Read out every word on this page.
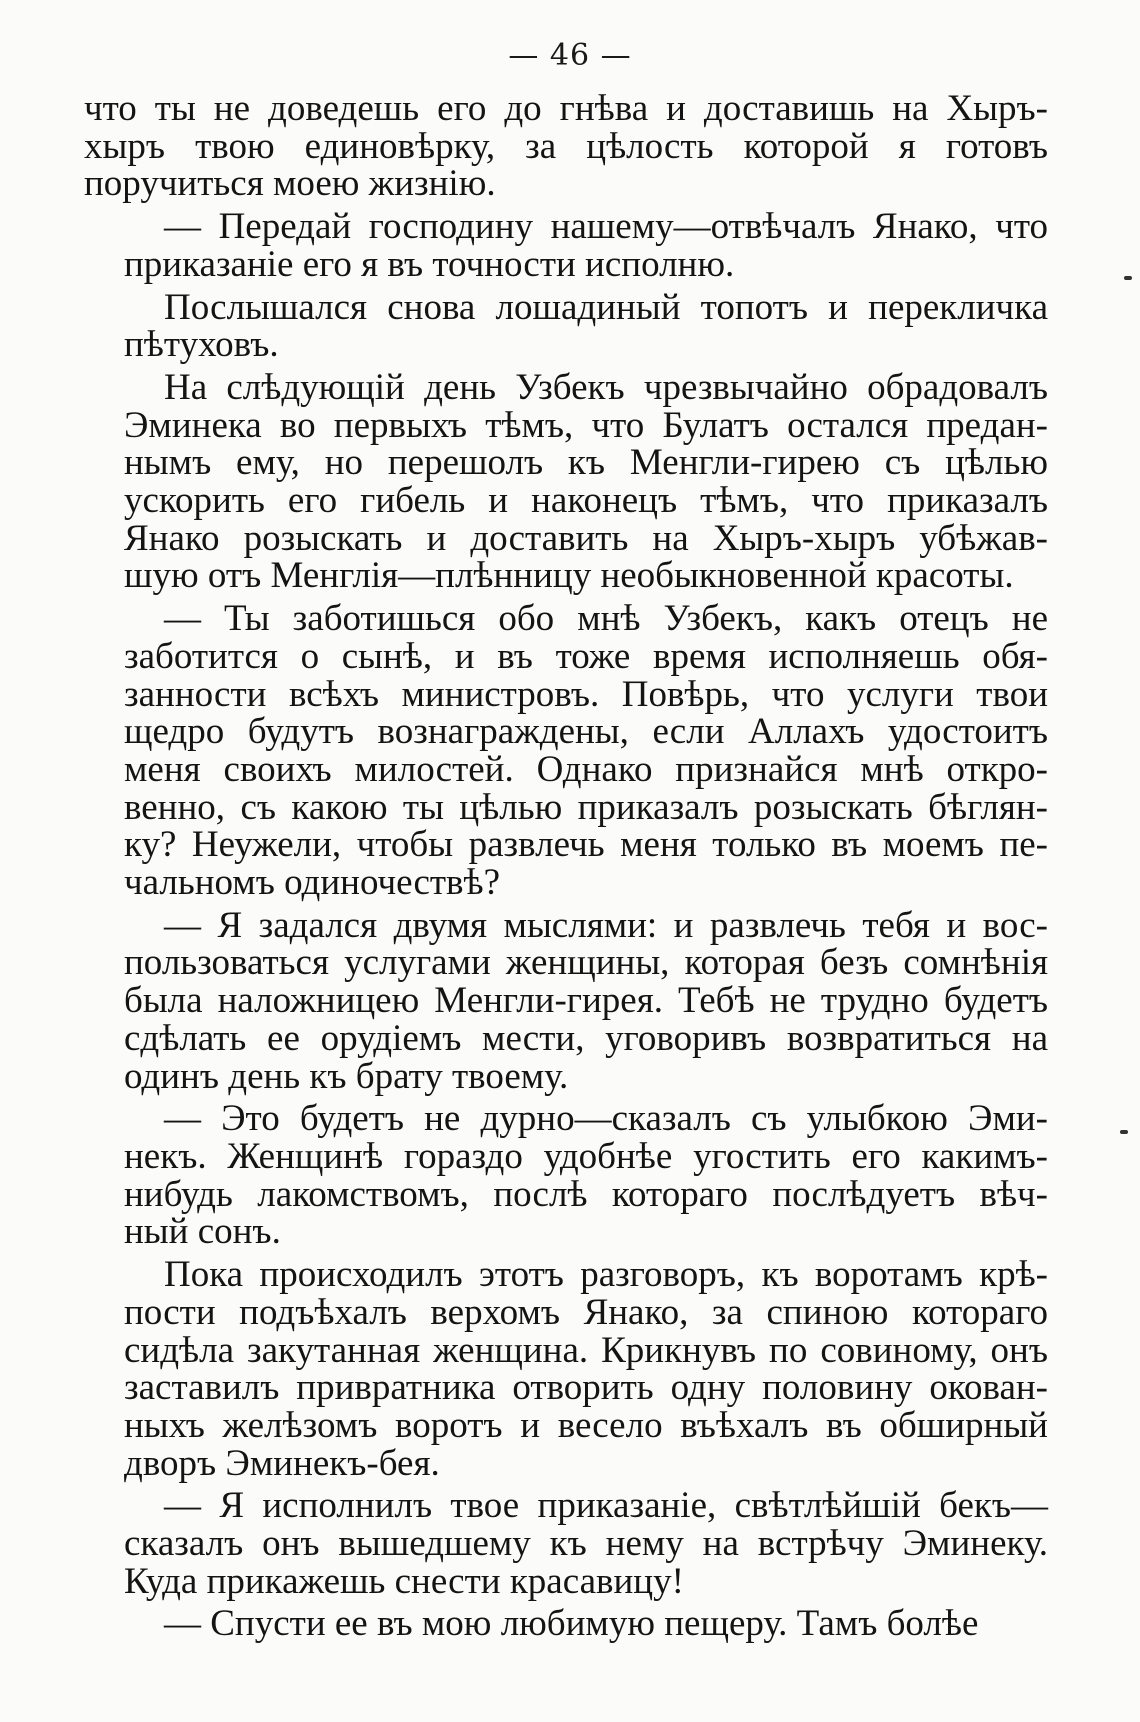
— 46 —

что ты не доведешь его до гнѣва и доставишь на Хыръ-
хыръ твою единовѣрку, за цѣлость которой я готовъ
поручиться моею жизнію.

— Передай господину нашему—отвѣчалъ Янако, что
приказаніе его я въ точности исполню.

Послышался снова лошадиный топотъ и перекличка
пѣтуховъ.

На слѣдующій день Узбекъ чрезвычайно обрадовалъ
Эминека во первыхъ тѣмъ, что Булатъ остался предан-
нымъ ему, но перешолъ къ Менгли-гирею съ цѣлью
ускорить его гибель и наконецъ тѣмъ, что приказалъ
Янако розыскать и доставить на Хыръ-хыръ убѣжав-
шую отъ Менглія—плѣнницу необыкновенной красоты.

— Ты заботишься обо мнѣ Узбекъ, какъ отецъ не
заботится о сынѣ, и въ тоже время исполняешь обя-
занности всѣхъ министровъ. Повѣрь, что услуги твои
щедро будутъ вознаграждены, если Аллахъ удостоитъ
меня своихъ милостей. Однако признайся мнѣ откро-
венно, съ какою ты цѣлью приказалъ розыскать бѣглян-
ку? Неужели, чтобы развлечь меня только въ моемъ пе-
чальномъ одиночествѣ?

— Я задался двумя мыслями: и развлечь тебя и вос-
пользоваться услугами женщины, которая безъ сомнѣнія
была наложницею Менгли-гирея. Тебѣ не трудно будетъ
сдѣлать ее орудіемъ мести, уговоривъ возвратиться на
одинъ день къ брату твоему.

— Это будетъ не дурно—сказалъ съ улыбкою Эми-
некъ. Женщинѣ гораздо удобнѣе угостить его какимъ-
нибудь лакомствомъ, послѣ котораго послѣдуетъ вѣч-
ный сонъ.

Пока происходилъ этотъ разговоръ, къ воротамъ крѣ-
пости подъѣхалъ верхомъ Янако, за спиною котораго
сидѣла закутанная женщина. Крикнувъ по совиному, онъ
заставилъ привратника отворить одну половину окован-
ныхъ желѣзомъ воротъ и весело въѣхалъ въ обширный
дворъ Эминекъ-бея.

— Я исполнилъ твое приказаніе, свѣтлѣйшій бекъ—
сказалъ онъ вышедшему къ нему на встрѣчу Эминеку.
Куда прикажешь снести красавицу!

— Спусти ее въ мою любимую пещеру. Тамъ болѣе
